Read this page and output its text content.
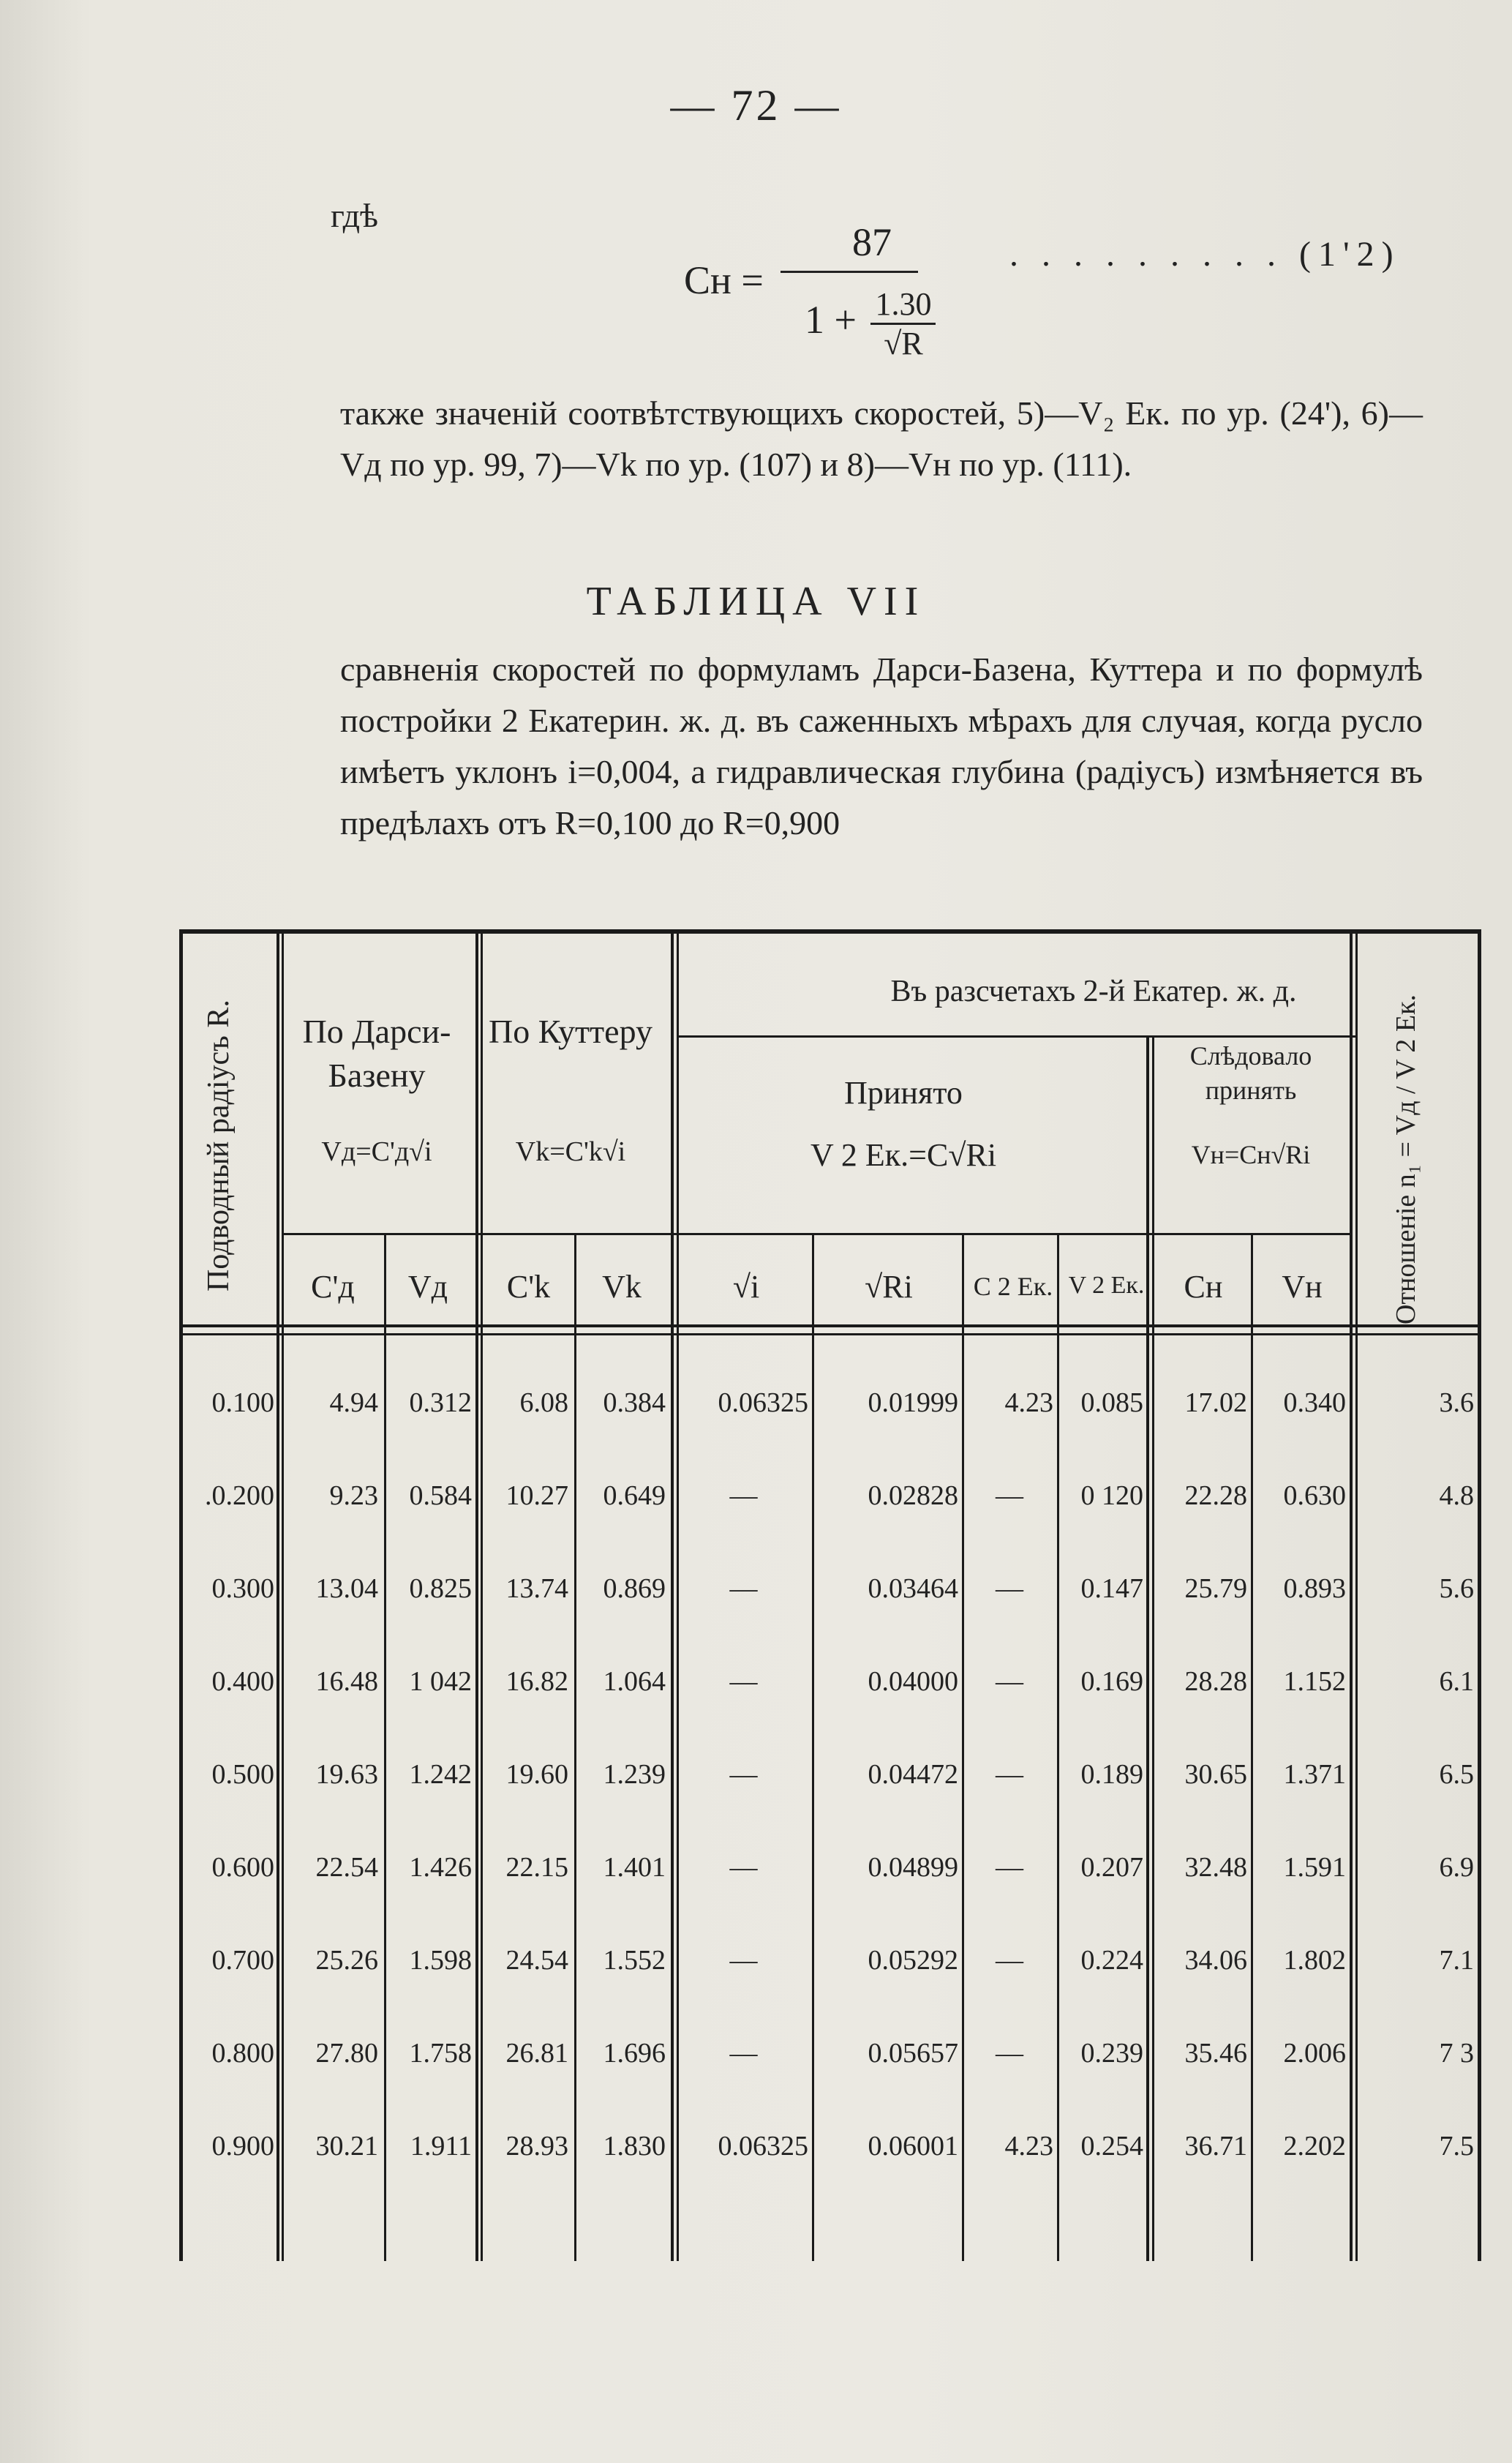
— 72 —
гдѣ
Cн =
87
$1 + \frac{1.30}{√R}$
. . . . . . . . . (1'2)
также значеній соотвѣтствующихъ скоростей, 5)—V₂ Ек. по ур. (24'), 6)—Vд по ур. 99, 7)—Vk по ур. (107) и 8)—Vн по ур. (111).
ТАБЛИЦА VII
сравненія скоростей по формуламъ Дарси-Базена, Куттера и по формулѣ постройки 2 Екатерин. ж. д. въ саженныхъ мѣрахъ для случая, когда русло имѣетъ уклонъ i=0,004, а гидравлическая глубина (радіусъ) измѣняется въ предѣлахъ отъ R=0,100 до R=0,900
Подводный радіусъ R.	По Дарси-Базену
Vд=C'д√i
По Куттеру
Vk=C'k√i
Въ разсчетахъ 2-й Екатер. ж. д.
Принято
V 2 Ек.=C√Ri
Слѣдовало принять
Vн=Cн√Ri	Отношеніе n₁ = Vд / V 2 Ек.
C'д	Vд	C'k	Vk	√i	√Ri	C 2 Ек. V 2 Ек.	Cн	Vн
0.100	4.94	0.312	6.08	0.384	0.06325	0.01999	4.23 0.085	17.02	0.340	3.6
.0.200	9.23	0.584	10.27	0.649	—	0.02828	—	0 120	22.28	0.630	4.8
0.300	13.04	0.825	13.74	0.869	—	0.03464	—	0.147	25.79	0.893	5.6
0.400	16.48	1 042	16.82	1.064	—	0.04000	—	0.169	28.28	1.152	6.1
0.500	19.63	1.242	19.60	1.239	—	0.04472	—	0.189	30.65	1.371	6.5
0.600	22.54	1.426	22.15	1.401	—	0.04899	—	0.207	32.48	1.591	6.9
0.700	25.26	1.598	24.54	1.552	—	0.05292	—	0.224	34.06	1.802	7.1
0.800	27.80	1.758	26.81	1.696	—	0.05657	—	0.239	35.46	2.006	7 3
0.900	30.21	1.911	28.93	1.830	0.06325	0.06001	4.23 0.254	36.71	2.202	7.5
